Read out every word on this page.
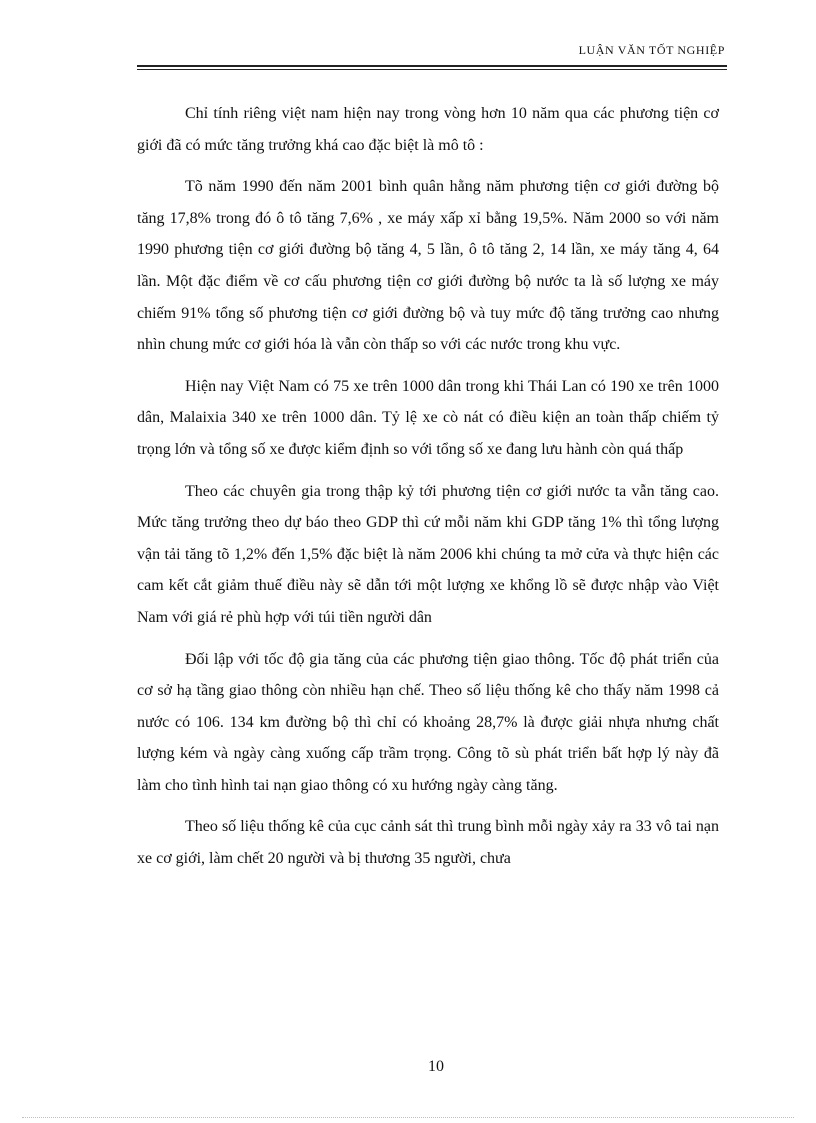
LUẬN VĂN TỐT NGHIỆP

Chỉ tính riêng việt nam hiện nay trong vòng hơn 10 năm qua các phương tiện cơ giới đã có mức tăng trưởng khá cao đặc biệt là mô tô :

Tõ năm 1990 đến năm 2001 bình quân hằng năm phương tiện cơ giới đường bộ tăng 17,8% trong đó ô tô tăng 7,6% , xe máy xấp xỉ bằng 19,5%. Năm 2000 so với năm 1990 phương tiện cơ giới đường bộ tăng 4, 5 lần, ô tô tăng 2, 14 lần, xe máy tăng 4, 64 lần. Một đặc điểm về cơ cấu phương tiện cơ giới đường bộ nước ta là số lượng xe máy chiếm 91% tổng số phương tiện cơ giới đường bộ và tuy mức độ tăng trưởng cao nhưng nhìn chung mức cơ giới hóa là vẫn còn thấp so với các nước trong khu vực.

Hiện nay Việt Nam có 75 xe trên 1000 dân trong khi Thái Lan có 190 xe trên 1000 dân, Malaixia 340 xe trên 1000 dân. Tỷ lệ xe cò nát có điều kiện an toàn thấp chiếm tỷ trọng lớn và tổng số xe được kiểm định so với tổng số xe đang lưu hành còn quá thấp

Theo các chuyên gia trong thập kỷ tới phương tiện cơ giới nước ta vẫn tăng cao. Mức tăng trưởng theo dự báo theo GDP thì cứ mỗi năm khi GDP tăng 1% thì tổng lượng vận tải tăng tõ 1,2% đến 1,5% đặc biệt là năm 2006 khi chúng ta mở cửa và thực hiện các cam kết cắt giảm thuế điều này sẽ dẫn tới một lượng xe khổng lồ sẽ được nhập vào Việt Nam với giá rẻ phù hợp với túi tiền người dân

Đối lập với tốc độ gia tăng của các phương tiện giao thông. Tốc độ phát triển của cơ sở hạ tầng giao thông còn nhiều hạn chế. Theo số liệu thống kê cho thấy năm 1998 cả nước có 106. 134 km đường bộ thì chỉ có khoảng 28,7% là được giải nhựa nhưng chất lượng kém và ngày càng xuống cấp trầm trọng. Công tõ sù phát triển bất hợp lý này đã làm cho tình hình tai nạn giao thông có xu hướng ngày càng tăng.

Theo số liệu thống kê của cục cảnh sát thì trung bình mỗi ngày xảy ra 33 vô tai nạn xe cơ giới, làm chết 20 người và bị thương 35 người, chưa

10
